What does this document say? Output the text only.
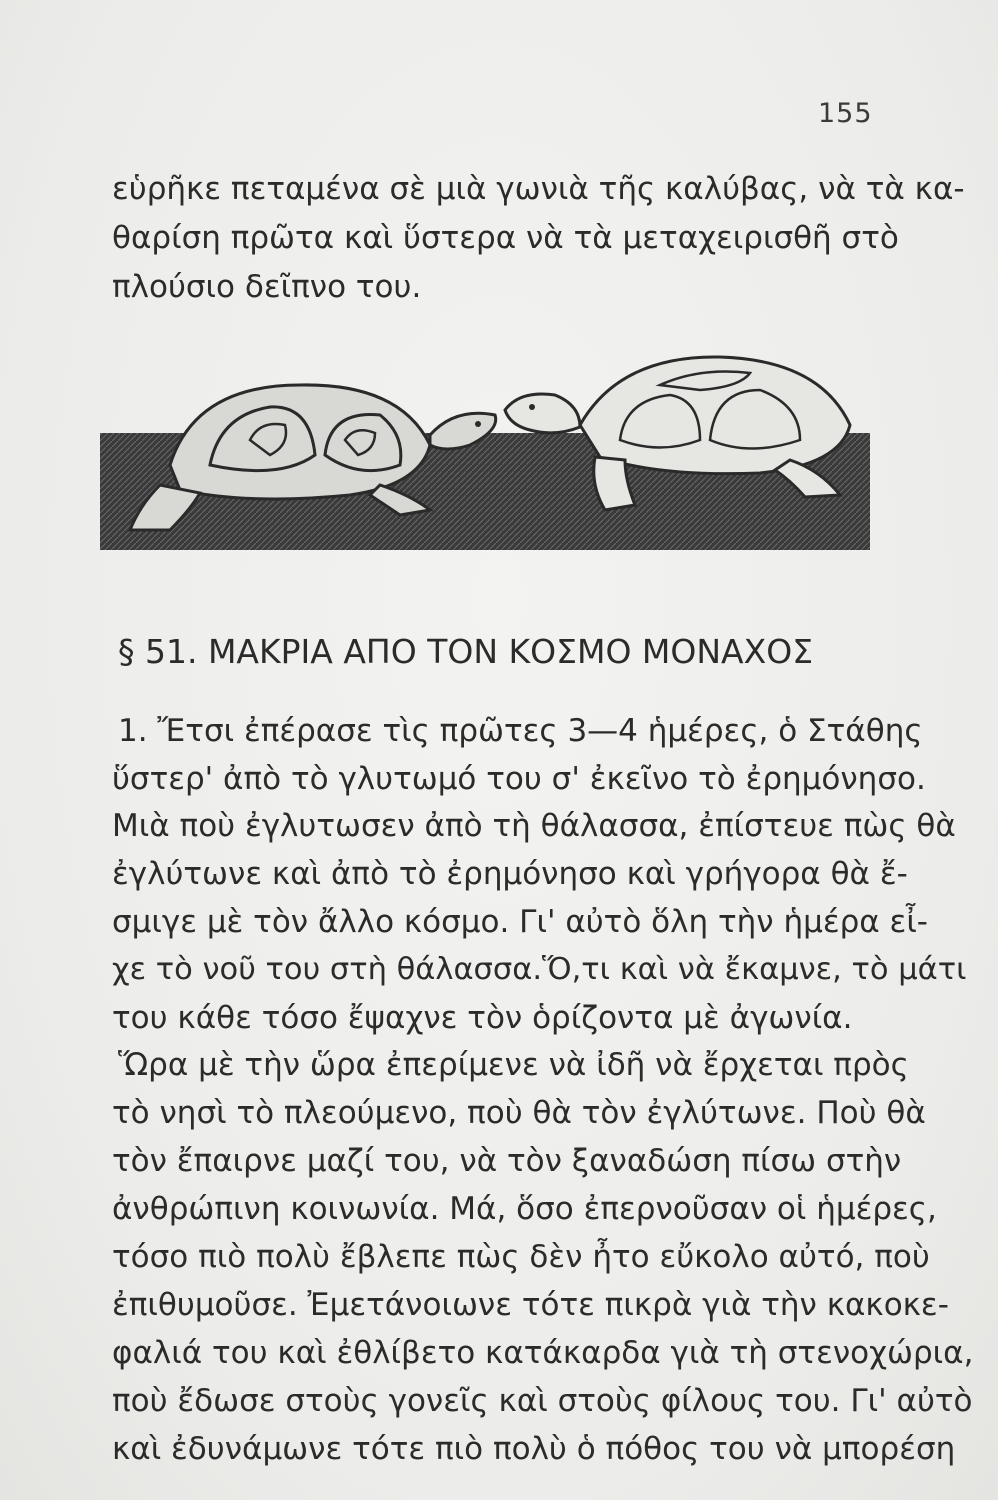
155
εὑρῆκε πεταμένα σὲ μιὰ γωνιὰ τῆς καλύβας, νὰ τὰ κα-
θαρίση πρῶτα καὶ ὕστερα νὰ τὰ μεταχειρισθῆ στὸ
πλούσιο δεῖπνο του.
§ 51. ΜΑΚΡΙΑ ΑΠΟ ΤΟΝ ΚΟΣΜΟ ΜΟΝΑΧΟΣ
1. Ἔτσι ἐπέρασε τὶς πρῶτες 3—4 ἡμέρες, ὁ Στάθης
ὕστερ' ἀπὸ τὸ γλυτωμό του σ' ἐκεῖνο τὸ ἐρημόνησο.
Μιὰ ποὺ ἐγλυτωσεν ἀπὸ τὴ θάλασσα, ἐπίστευε πὼς θὰ
ἐγλύτωνε καὶ ἀπὸ τὸ ἐρημόνησο καὶ γρήγορα θὰ ἔ-
σμιγε μὲ τὸν ἄλλο κόσμο. Γι' αὐτὸ ὅλη τὴν ἡμέρα εἶ-
χε τὸ νοῦ του στὴ θάλασσα.Ὅ,τι καὶ νὰ ἔκαμνε, τὸ μάτι
του κάθε τόσο ἔψαχνε τὸν ὁρίζοντα μὲ ἀγωνία.
Ὥρα μὲ τὴν ὥρα ἐπερίμενε νὰ ἰδῆ νὰ ἔρχεται πρὸς
τὸ νησὶ τὸ πλεούμενο, ποὺ θὰ τὸν ἐγλύτωνε. Ποὺ θὰ
τὸν ἔπαιρνε μαζί του, νὰ τὸν ξαναδώση πίσω στὴν
ἀνθρώπινη κοινωνία. Μά, ὅσο ἐπερνοῦσαν οἱ ἡμέρες,
τόσο πιὸ πολὺ ἔβλεπε πὼς δὲν ἦτο εὔκολο αὐτό, ποὺ
ἐπιθυμοῦσε. Ἐμετάνοιωνε τότε πικρὰ γιὰ τὴν κακοκε-
φαλιά του καὶ ἐθλίβετο κατάκαρδα γιὰ τὴ στενοχώρια,
ποὺ ἔδωσε στοὺς γονεῖς καὶ στοὺς φίλους του. Γι' αὐτὸ
καὶ ἐδυνάμωνε τότε πιὸ πολὺ ὁ πόθος του νὰ μπορέση
